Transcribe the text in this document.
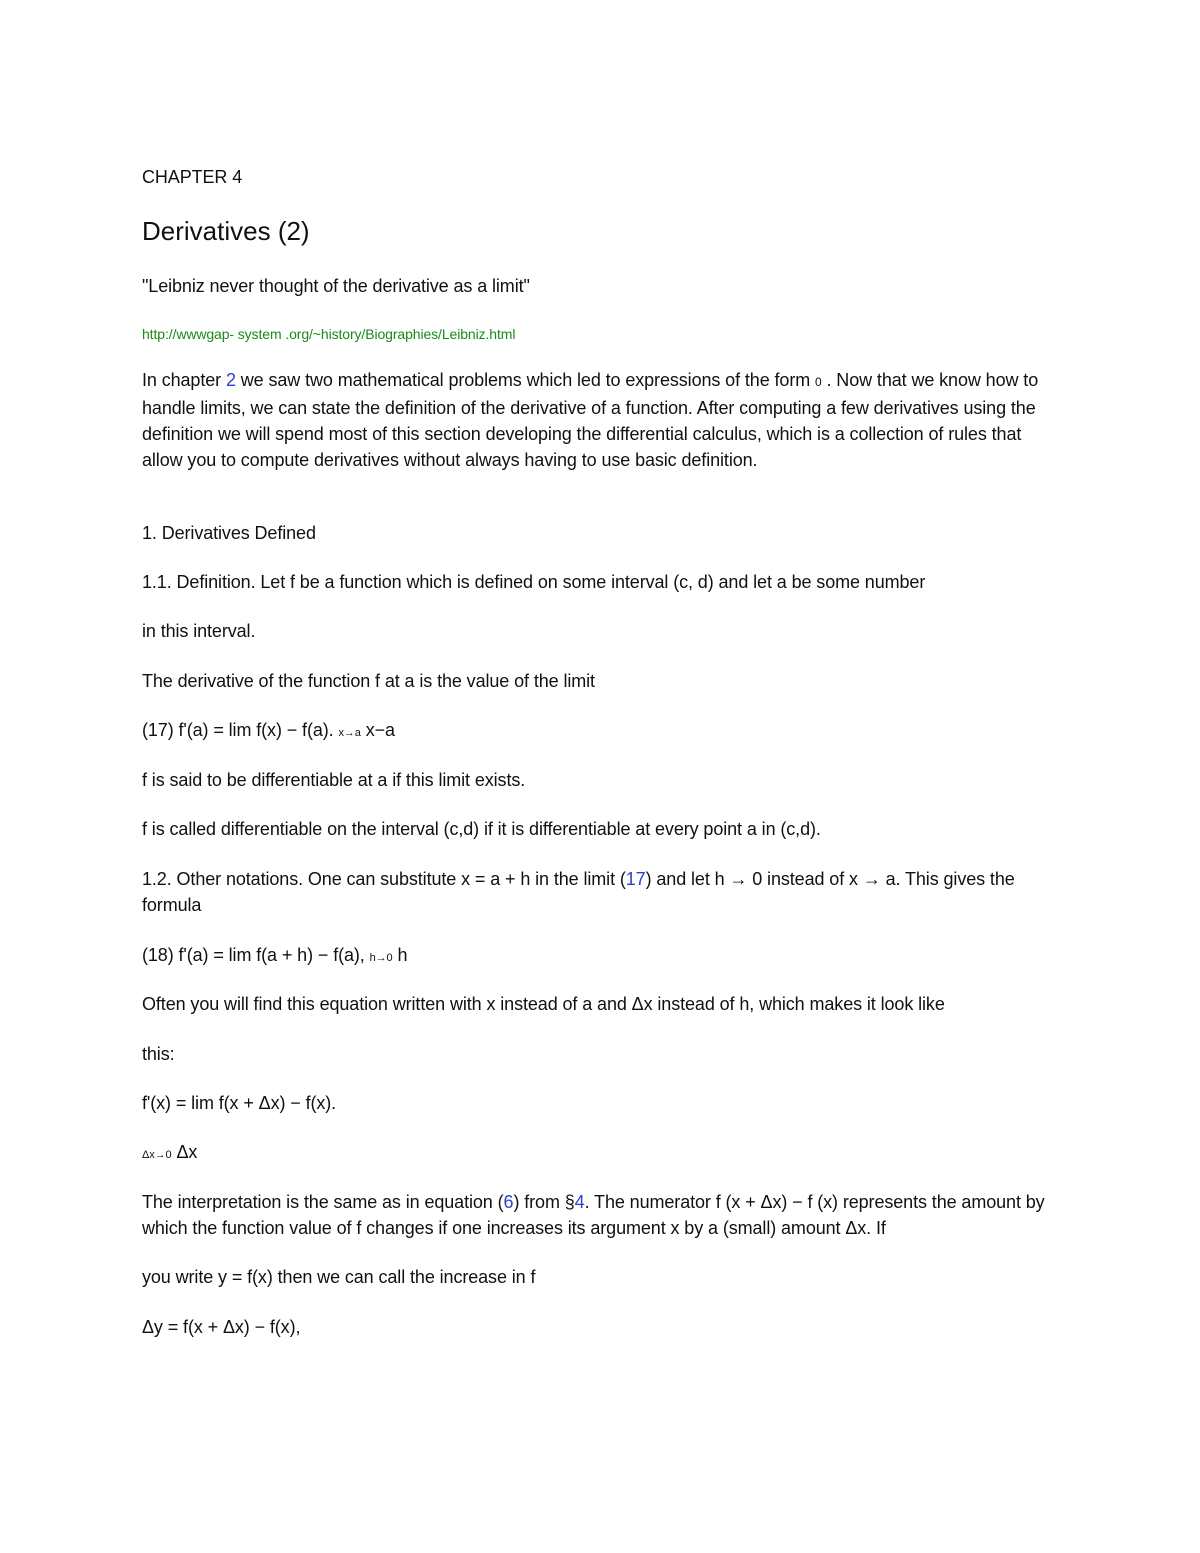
CHAPTER 4
Derivatives (2)
"Leibniz never thought of the derivative as a limit"
http://wwwgap- system .org/~history/Biographies/Leibniz.html
In chapter 2 we saw two mathematical problems which led to expressions of the form 0 . Now that we know how to handle limits, we can state the definition of the derivative of a function. After computing a few derivatives using the definition we will spend most of this section developing the differential calculus, which is a collection of rules that allow you to compute derivatives without always having to use basic definition.
1. Derivatives Defined
1.1. Definition. Let f be a function which is defined on some interval (c, d) and let a be some number
in this interval.
The derivative of the function f at a is the value of the limit
(17) f'(a) = lim f(x) − f(a). x→a x−a
f is said to be differentiable at a if this limit exists.
f is called differentiable on the interval (c,d) if it is differentiable at every point a in (c,d).
1.2. Other notations. One can substitute x = a + h in the limit (17) and let h → 0 instead of x → a. This gives the formula
(18) f'(a) = lim f(a + h) − f(a), h→0 h
Often you will find this equation written with x instead of a and Δx instead of h, which makes it look like
this:
f'(x) = lim f(x + Δx) − f(x).
Δx→0 Δx
The interpretation is the same as in equation (6) from §4. The numerator f (x + Δx) − f (x) represents the amount by which the function value of f changes if one increases its argument x by a (small) amount Δx. If
you write y = f(x) then we can call the increase in f
Δy = f(x + Δx) − f(x),
